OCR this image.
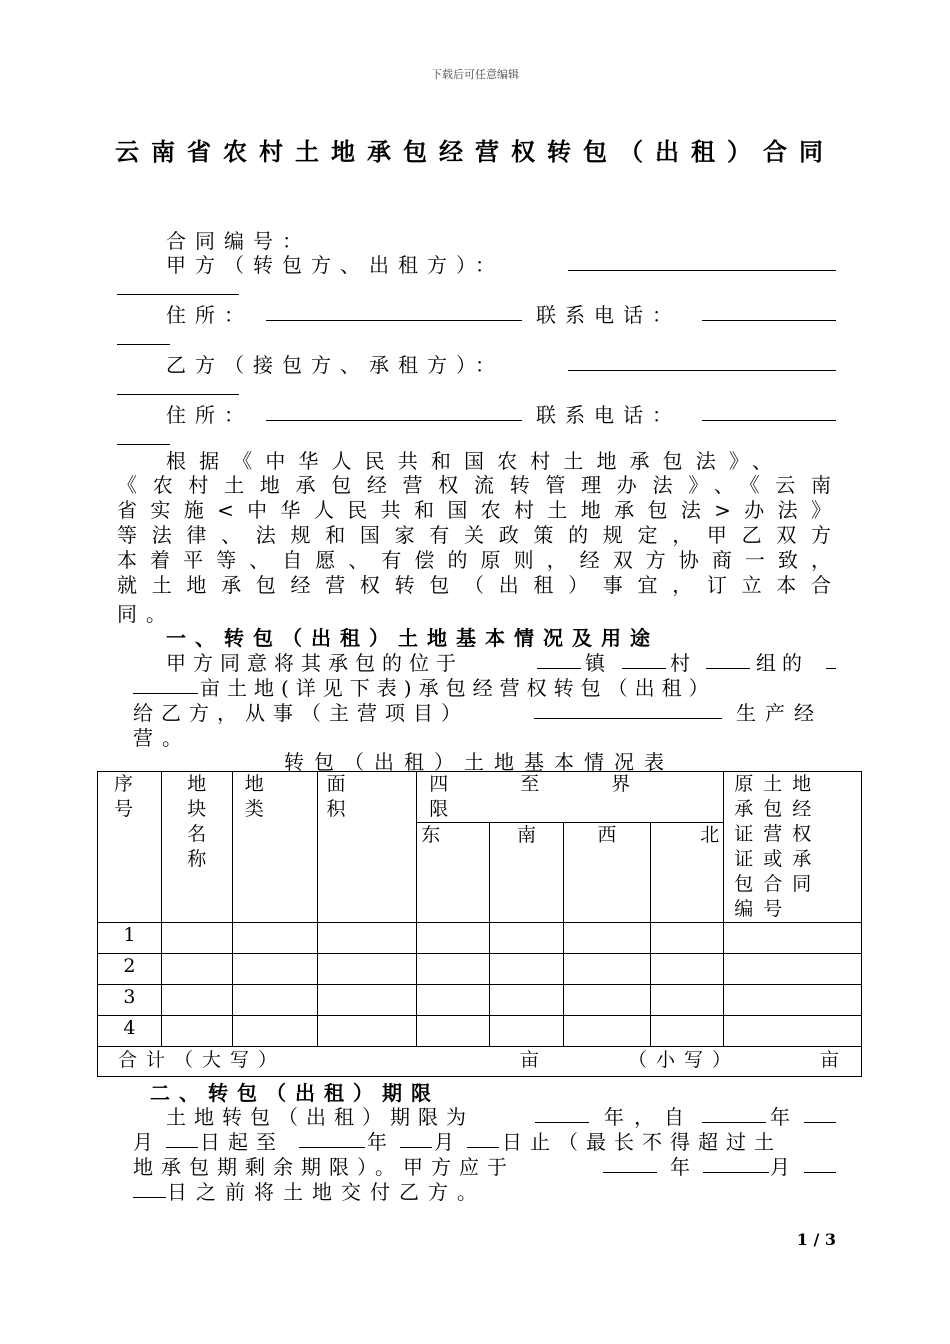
下载后可任意编辑
云南省农村土地承包经营权转包（出租）合同
合同编号：
甲方（转包方、出租方）：
住所：	联系电话：
乙方（接包方、承租方）：
住所：	联系电话：
根据《中华人民共和国农村土地承包法》、
《农村土地承包经营权流转管理办法》、《云南
省实施<中华人民共和国农村土地承包法>办法》
等法律、法规和国家有关政策的规定，甲乙双方
本着平等、自愿、有偿的原则，经双方协商一致，
就土地承包经营权转包（出租）事宜，订立本合
同。
一、转包（出租）土地基本情况及用途
甲方同意将其承包的位于	镇	村	组的
亩土地(详见下表)承包经营权转包（出租）
给乙方，从事（主营项目）	生产经
营。
转包（出租）土地基本情况表
序号	地块名称	地类	面积	四至界限				原土地承包经证营权证或承包合同编号

				东	南	西	北	
1								
2								
3								
4								

合计（大写） 亩 （小写） 亩								
二、转包（出租）期限
土地转包（出租）期限为	年，自	年
月 日起至	年 月 日止（最长不得超过土
地承包期剩余期限）。甲方应于	年	月
日之前将土地交付乙方。
1 / 3
